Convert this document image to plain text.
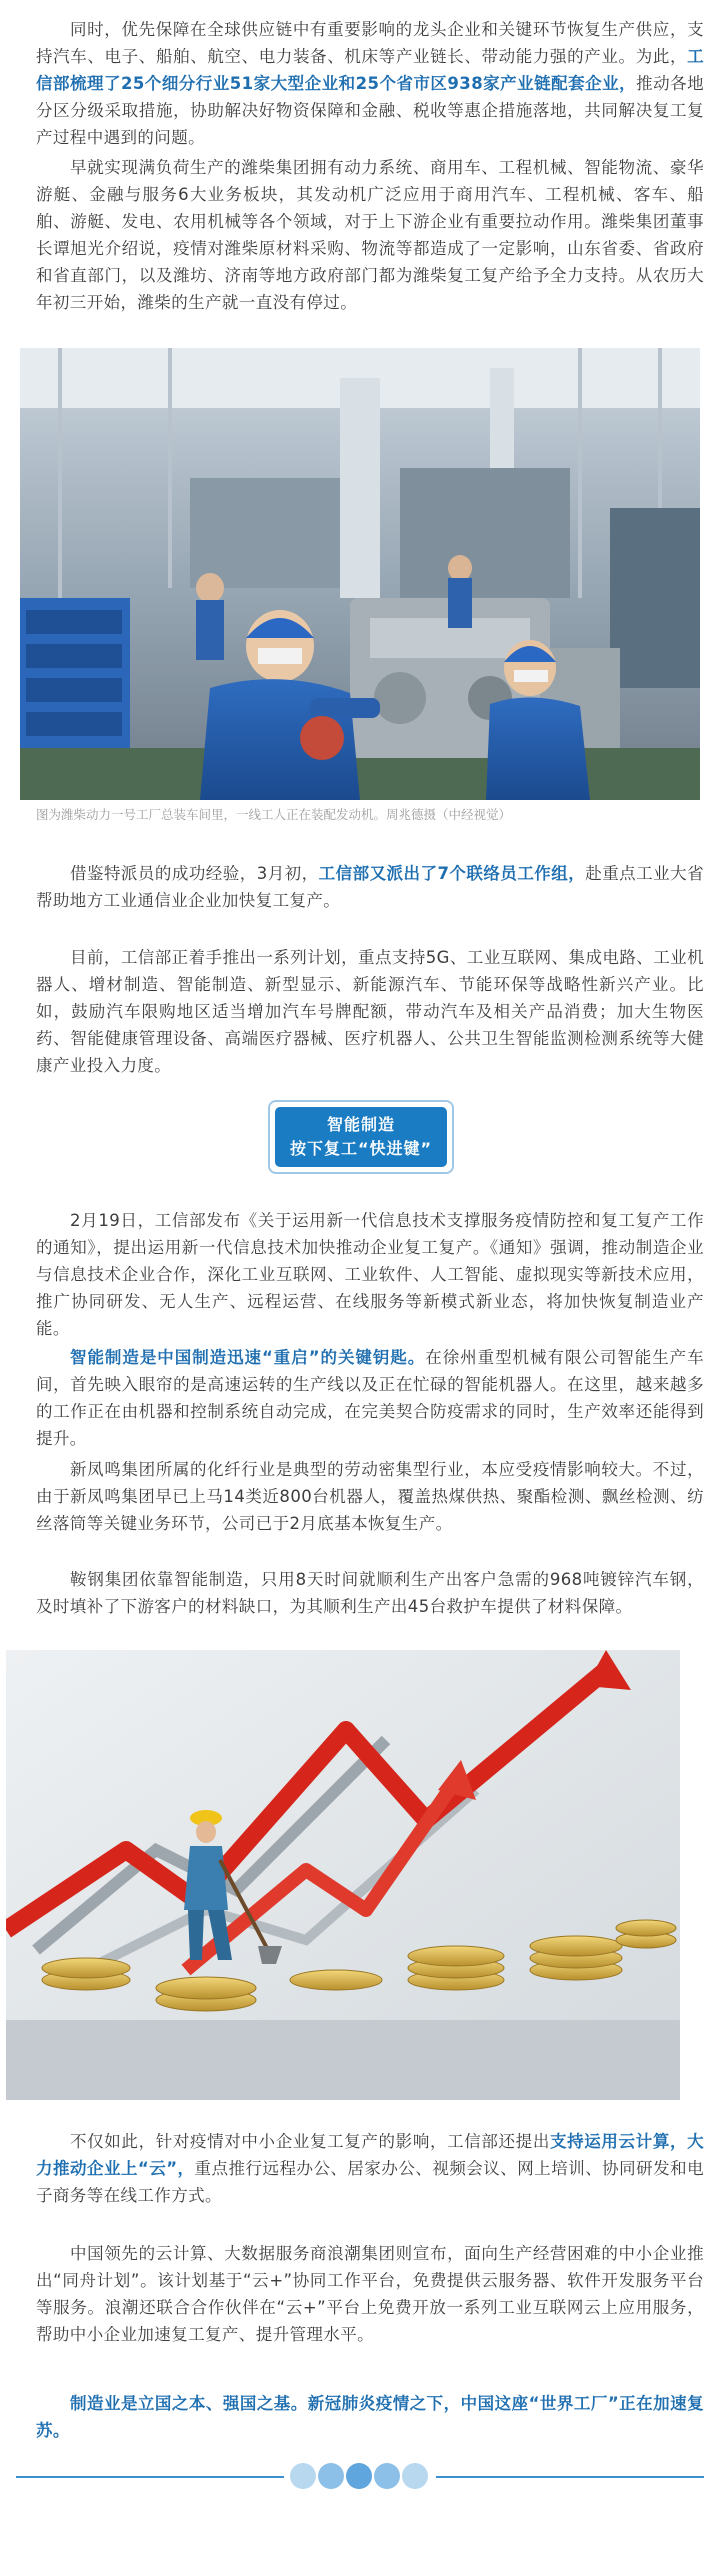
同时，优先保障在全球供应链中有重要影响的龙头企业和关键环节恢复生产供应，支持汽车、电子、船舶、航空、电力装备、机床等产业链长、带动能力强的产业。为此，工信部梳理了25个细分行业51家大型企业和25个省市区938家产业链配套企业，推动各地分区分级采取措施，协助解决好物资保障和金融、税收等惠企措施落地，共同解决复工复产过程中遇到的问题。

早就实现满负荷生产的潍柴集团拥有动力系统、商用车、工程机械、智能物流、豪华游艇、金融与服务6大业务板块，其发动机广泛应用于商用汽车、工程机械、客车、船舶、游艇、发电、农用机械等各个领域，对于上下游企业有重要拉动作用。潍柴集团董事长谭旭光介绍说，疫情对潍柴原材料采购、物流等都造成了一定影响，山东省委、省政府和省直部门，以及潍坊、济南等地方政府部门都为潍柴复工复产给予全力支持。从农历大年初三开始，潍柴的生产就一直没有停过。

图为潍柴动力一号工厂总装车间里，一线工人正在装配发动机。周兆德摄（中经视觉）

借鉴特派员的成功经验，3月初，工信部又派出了7个联络员工作组，赴重点工业大省帮助地方工业通信业企业加快复工复产。

目前，工信部正着手推出一系列计划，重点支持5G、工业互联网、集成电路、工业机器人、增材制造、智能制造、新型显示、新能源汽车、节能环保等战略性新兴产业。比如，鼓励汽车限购地区适当增加汽车号牌配额，带动汽车及相关产品消费；加大生物医药、智能健康管理设备、高端医疗器械、医疗机器人、公共卫生智能监测检测系统等大健康产业投入力度。

智能制造
按下复工“快进键”

2月19日，工信部发布《关于运用新一代信息技术支撑服务疫情防控和复工复产工作的通知》，提出运用新一代信息技术加快推动企业复工复产。《通知》强调，推动制造企业与信息技术企业合作，深化工业互联网、工业软件、人工智能、虚拟现实等新技术应用，推广协同研发、无人生产、远程运营、在线服务等新模式新业态，将加快恢复制造业产能。

智能制造是中国制造迅速“重启”的关键钥匙。在徐州重型机械有限公司智能生产车间，首先映入眼帘的是高速运转的生产线以及正在忙碌的智能机器人。在这里，越来越多的工作正在由机器和控制系统自动完成，在完美契合防疫需求的同时，生产效率还能得到提升。

新凤鸣集团所属的化纤行业是典型的劳动密集型行业，本应受疫情影响较大。不过，由于新凤鸣集团早已上马14类近800台机器人，覆盖热煤供热、聚酯检测、飘丝检测、纺丝落筒等关键业务环节，公司已于2月底基本恢复生产。

鞍钢集团依靠智能制造，只用8天时间就顺利生产出客户急需的968吨镀锌汽车钢，及时填补了下游客户的材料缺口，为其顺利生产出45台救护车提供了材料保障。

不仅如此，针对疫情对中小企业复工复产的影响，工信部还提出支持运用云计算，大力推动企业上“云”，重点推行远程办公、居家办公、视频会议、网上培训、协同研发和电子商务等在线工作方式。

中国领先的云计算、大数据服务商浪潮集团则宣布，面向生产经营困难的中小企业推出“同舟计划”。该计划基于“云+”协同工作平台，免费提供云服务器、软件开发服务平台等服务。浪潮还联合合作伙伴在“云+”平台上免费开放一系列工业互联网云上应用服务，帮助中小企业加速复工复产、提升管理水平。

制造业是立国之本、强国之基。新冠肺炎疫情之下，中国这座“世界工厂”正在加速复苏。
